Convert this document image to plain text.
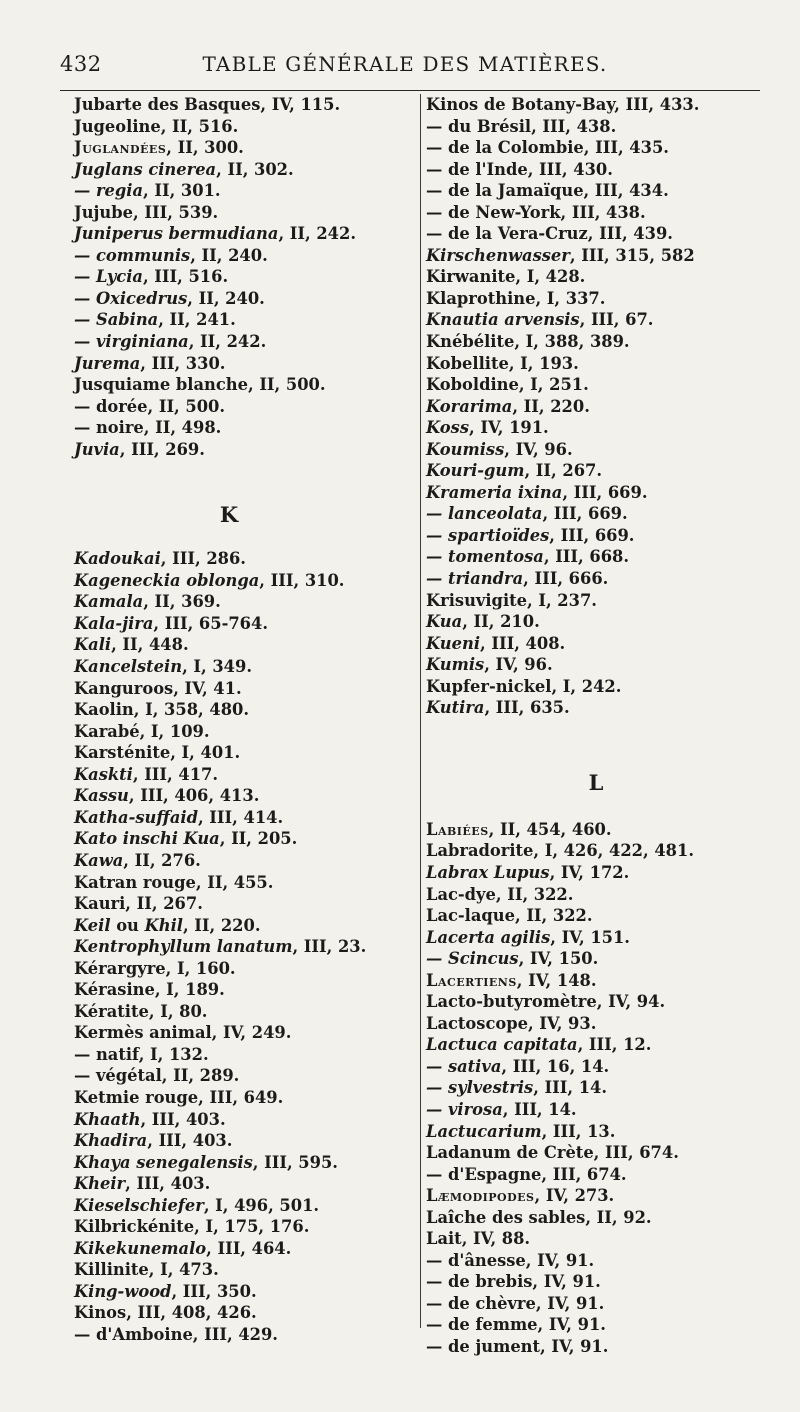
432	TABLE GÉNÉRALE DES MATIÈRES.
Jubarte des Basques, IV, 115.
Jugeoline, II, 516.
Juglandées, II, 300.
Juglans cinerea, II, 302.
— regia, II, 301.
Jujube, III, 539.
Juniperus bermudiana, II, 242.
— communis, II, 240.
— Lycia, III, 516.
— Oxicedrus, II, 240.
— Sabina, II, 241.
— virginiana, II, 242.
Jurema, III, 330.
Jusquiame blanche, II, 500.
— dorée, II, 500.
— noire, II, 498.
Juvia, III, 269.
K
Kadoukai, III, 286.
Kageneckia oblonga, III, 310.
Kamala, II, 369.
Kala-jira, III, 65-764.
Kali, II, 448.
Kancelstein, I, 349.
Kanguroos, IV, 41.
Kaolin, I, 358, 480.
Karabé, I, 109.
Karsténite, I, 401.
Kaskti, III, 417.
Kassu, III, 406, 413.
Katha-suffaid, III, 414.
Kato inschi Kua, II, 205.
Kawa, II, 276.
Katran rouge, II, 455.
Kauri, II, 267.
Keil ou Khil, II, 220.
Kentrophyllum lanatum, III, 23.
Kérargyre, I, 160.
Kérasine, I, 189.
Kératite, I, 80.
Kermès animal, IV, 249.
— natif, I, 132.
— végétal, II, 289.
Ketmie rouge, III, 649.
Khaath, III, 403.
Khadira, III, 403.
Khaya senegalensis, III, 595.
Kheir, III, 403.
Kieselschiefer, I, 496, 501.
Kilbrickénite, I, 175, 176.
Kikekunemalo, III, 464.
Killinite, I, 473.
King-wood, III, 350.
Kinos, III, 408, 426.
— d'Amboine, III, 429.
Kinos de Botany-Bay, III, 433.
— du Brésil, III, 438.
— de la Colombie, III, 435.
— de l'Inde, III, 430.
— de la Jamaïque, III, 434.
— de New-York, III, 438.
— de la Vera-Cruz, III, 439.
Kirschenwasser, III, 315, 582
Kirwanite, I, 428.
Klaprothine, I, 337.
Knautia arvensis, III, 67.
Knébélite, I, 388, 389.
Kobellite, I, 193.
Koboldine, I, 251.
Korarima, II, 220.
Koss, IV, 191.
Koumiss, IV, 96.
Kouri-gum, II, 267.
Krameria ixina, III, 669.
— lanceolata, III, 669.
— spartioïdes, III, 669.
— tomentosa, III, 668.
— triandra, III, 666.
Krisuvigite, I, 237.
Kua, II, 210.
Kueni, III, 408.
Kumis, IV, 96.
Kupfer-nickel, I, 242.
Kutira, III, 635.
L
Labiées, II, 454, 460.
Labradorite, I, 426, 422, 481.
Labrax Lupus, IV, 172.
Lac-dye, II, 322.
Lac-laque, II, 322.
Lacerta agilis, IV, 151.
— Scincus, IV, 150.
Lacertiens, IV, 148.
Lacto-butyromètre, IV, 94.
Lactoscope, IV, 93.
Lactuca capitata, III, 12.
— sativa, III, 16, 14.
— sylvestris, III, 14.
— virosa, III, 14.
Lactucarium, III, 13.
Ladanum de Crète, III, 674.
— d'Espagne, III, 674.
Læmodipodes, IV, 273.
Laîche des sables, II, 92.
Lait, IV, 88.
— d'ânesse, IV, 91.
— de brebis, IV, 91.
— de chèvre, IV, 91.
— de femme, IV, 91.
— de jument, IV, 91.
